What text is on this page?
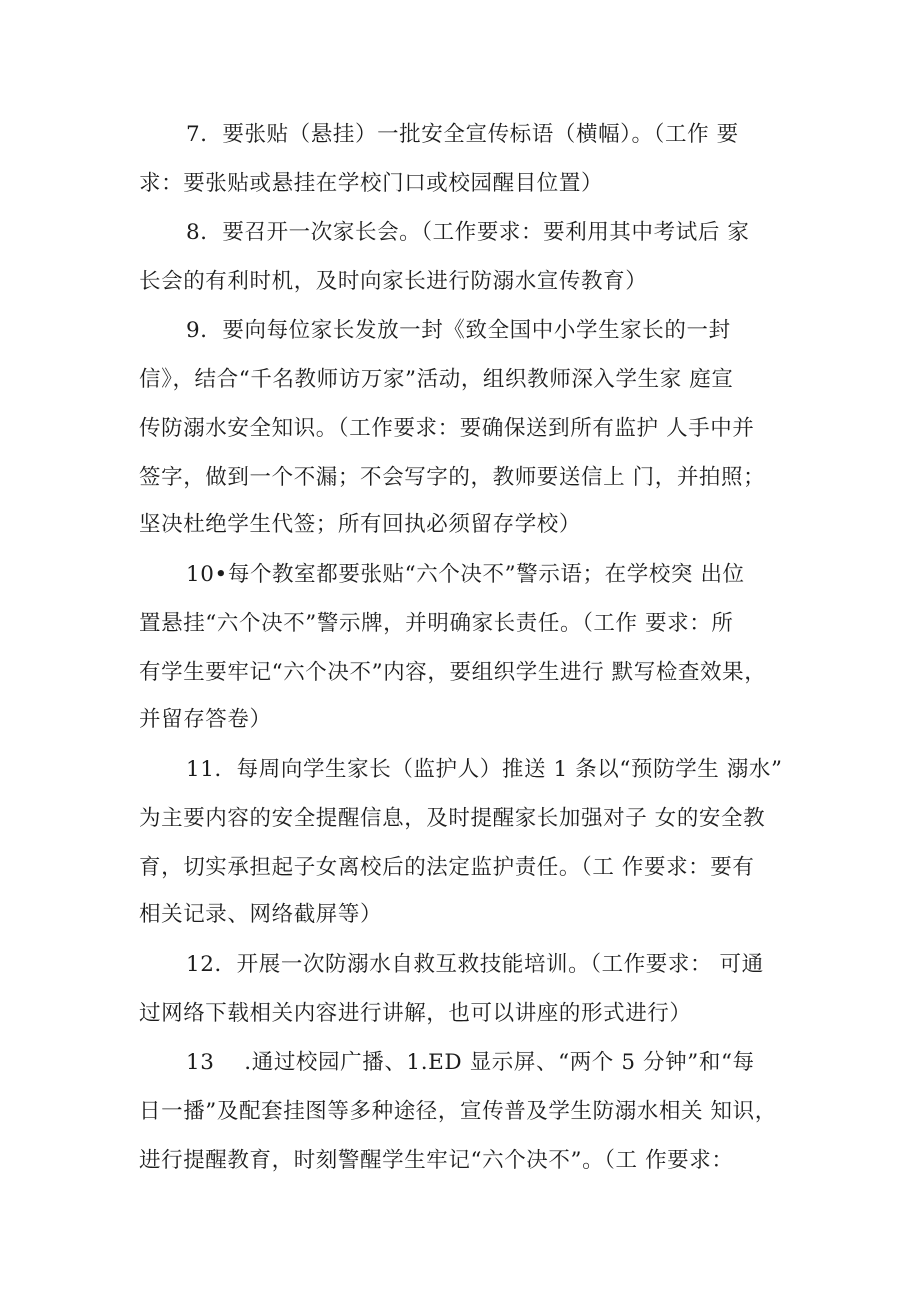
7．要张贴（悬挂）一批安全宣传标语（横幅）。（工作 要
求：要张贴或悬挂在学校门口或校园醒目位置）
8．要召开一次家长会。（工作要求：要利用其中考试后 家
长会的有利时机，及时向家长进行防溺水宣传教育）
9．要向每位家长发放一封《致全国中小学生家长的一封
信》，结合“千名教师访万家”活动，组织教师深入学生家 庭宣
传防溺水安全知识。（工作要求：要确保送到所有监护 人手中并
签字，做到一个不漏；不会写字的，教师要送信上 门，并拍照；
坚决杜绝学生代签；所有回执必须留存学校）
10•每个教室都要张贴“六个决不”警示语；在学校突 出位
置悬挂“六个决不”警示牌，并明确家长责任。（工作 要求：所
有学生要牢记“六个决不”内容，要组织学生进行 默写检查效果，
并留存答卷）
11．每周向学生家长（监护人）推送 1 条以“预防学生 溺水”
为主要内容的安全提醒信息，及时提醒家长加强对子 女的安全教
育，切实承担起子女离校后的法定监护责任。（工 作要求：要有
相关记录、网络截屏等）
12．开展一次防溺水自救互救技能培训。（工作要求： 可通
过网络下载相关内容进行讲解，也可以讲座的形式进行）
13    .通过校园广播、1.ED 显示屏、“两个 5 分钟”和“每
日一播”及配套挂图等多种途径，宣传普及学生防溺水相关 知识，
进行提醒教育，时刻警醒学生牢记“六个决不”。（工 作要求：
